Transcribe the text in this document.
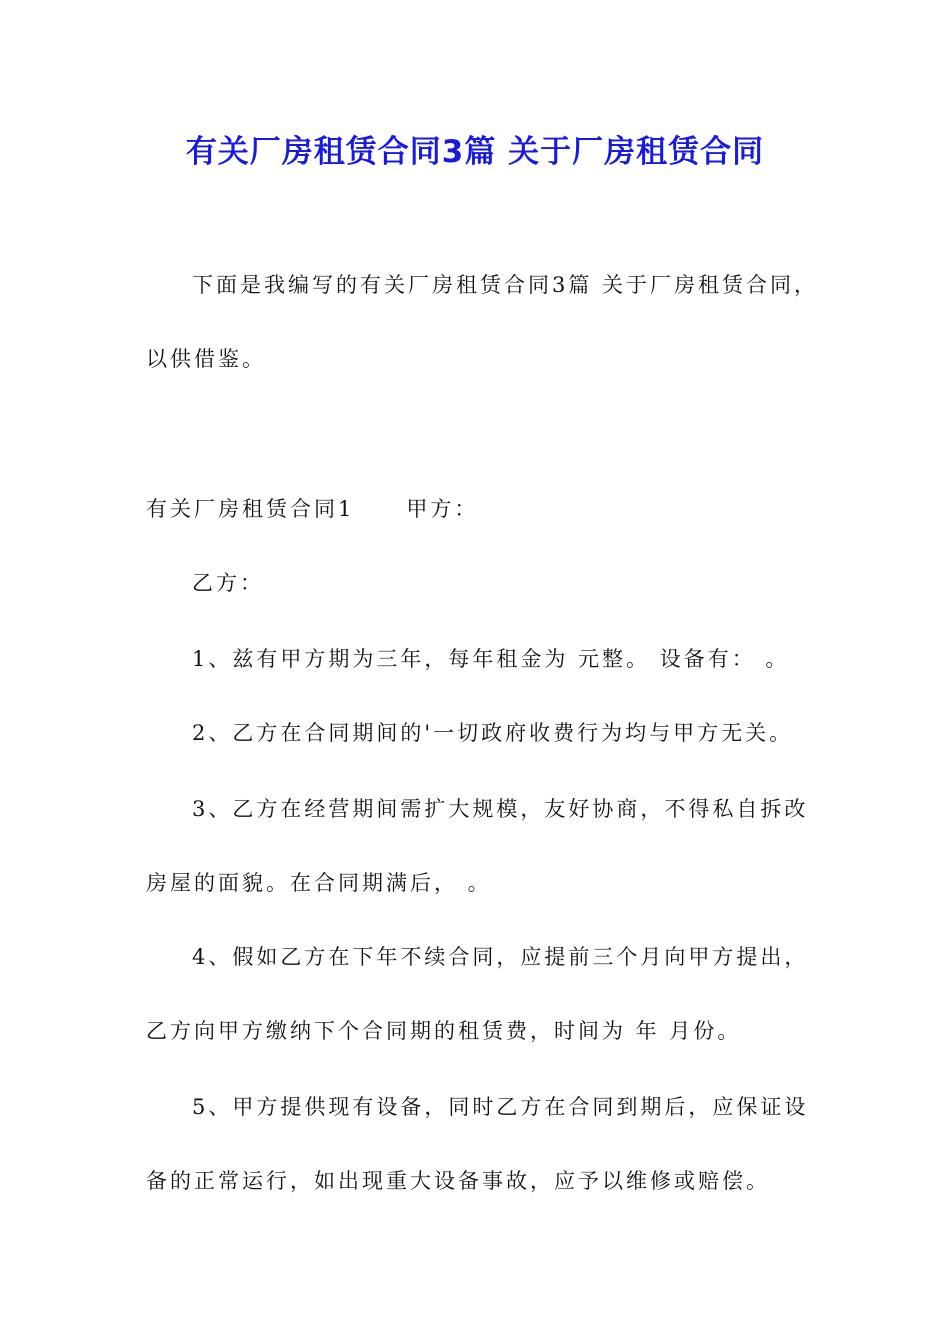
有关厂房租赁合同3篇 关于厂房租赁合同
下面是我编写的有关厂房租赁合同3篇 关于厂房租赁合同，
以供借鉴。
有关厂房租赁合同1 甲方：
乙方：
1、兹有甲方期为三年，每年租金为 元整。 设备有： 。
2、乙方在合同期间的'一切政府收费行为均与甲方无关。
3、乙方在经营期间需扩大规模，友好协商，不得私自拆改
房屋的面貌。在合同期满后， 。
4、假如乙方在下年不续合同，应提前三个月向甲方提出，
乙方向甲方缴纳下个合同期的租赁费，时间为 年 月份。
5、甲方提供现有设备，同时乙方在合同到期后，应保证设
备的正常运行，如出现重大设备事故，应予以维修或赔偿。
